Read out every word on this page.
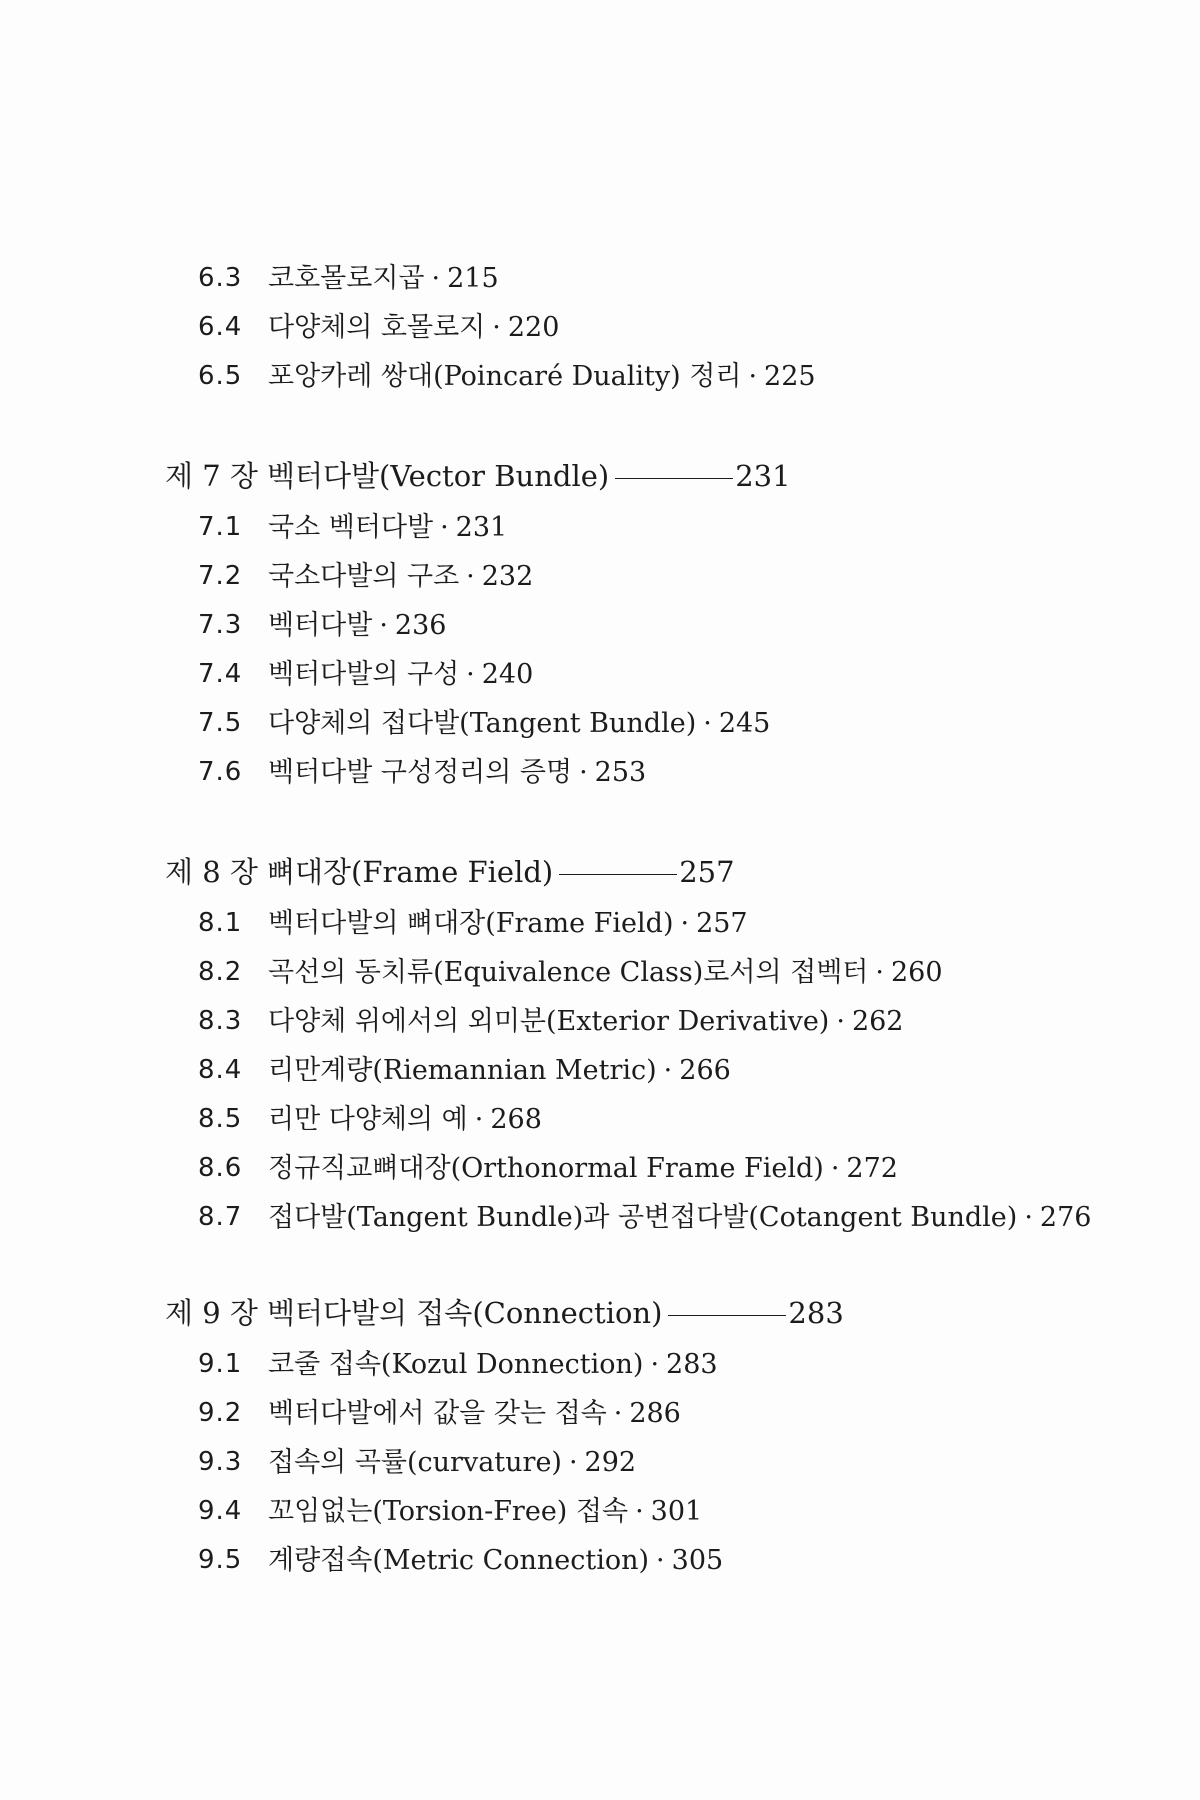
6.3 코호몰로지곱 · 215
6.4 다양체의 호몰로지 · 220
6.5 포앙카레 쌍대(Poincaré Duality) 정리 · 225
제 7 장 벡터다발(Vector Bundle)	231
7.1 국소 벡터다발 · 231
7.2 국소다발의 구조 · 232
7.3 벡터다발 · 236
7.4 벡터다발의 구성 · 240
7.5 다양체의 접다발(Tangent Bundle) · 245
7.6 벡터다발 구성정리의 증명 · 253
제 8 장 뼈대장(Frame Field)	257
8.1 벡터다발의 뼈대장(Frame Field) · 257
8.2 곡선의 동치류(Equivalence Class)로서의 접벡터 · 260
8.3 다양체 위에서의 외미분(Exterior Derivative) · 262
8.4 리만계량(Riemannian Metric) · 266
8.5 리만 다양체의 예 · 268
8.6 정규직교뼈대장(Orthonormal Frame Field) · 272
8.7 접다발(Tangent Bundle)과 공변접다발(Cotangent Bundle) · 276
제 9 장 벡터다발의 접속(Connection)	283
9.1 코줄 접속(Kozul Donnection) · 283
9.2 벡터다발에서 값을 갖는 접속 · 286
9.3 접속의 곡률(curvature) · 292
9.4 꼬임없는(Torsion-Free) 접속 · 301
9.5 계량접속(Metric Connection) · 305
